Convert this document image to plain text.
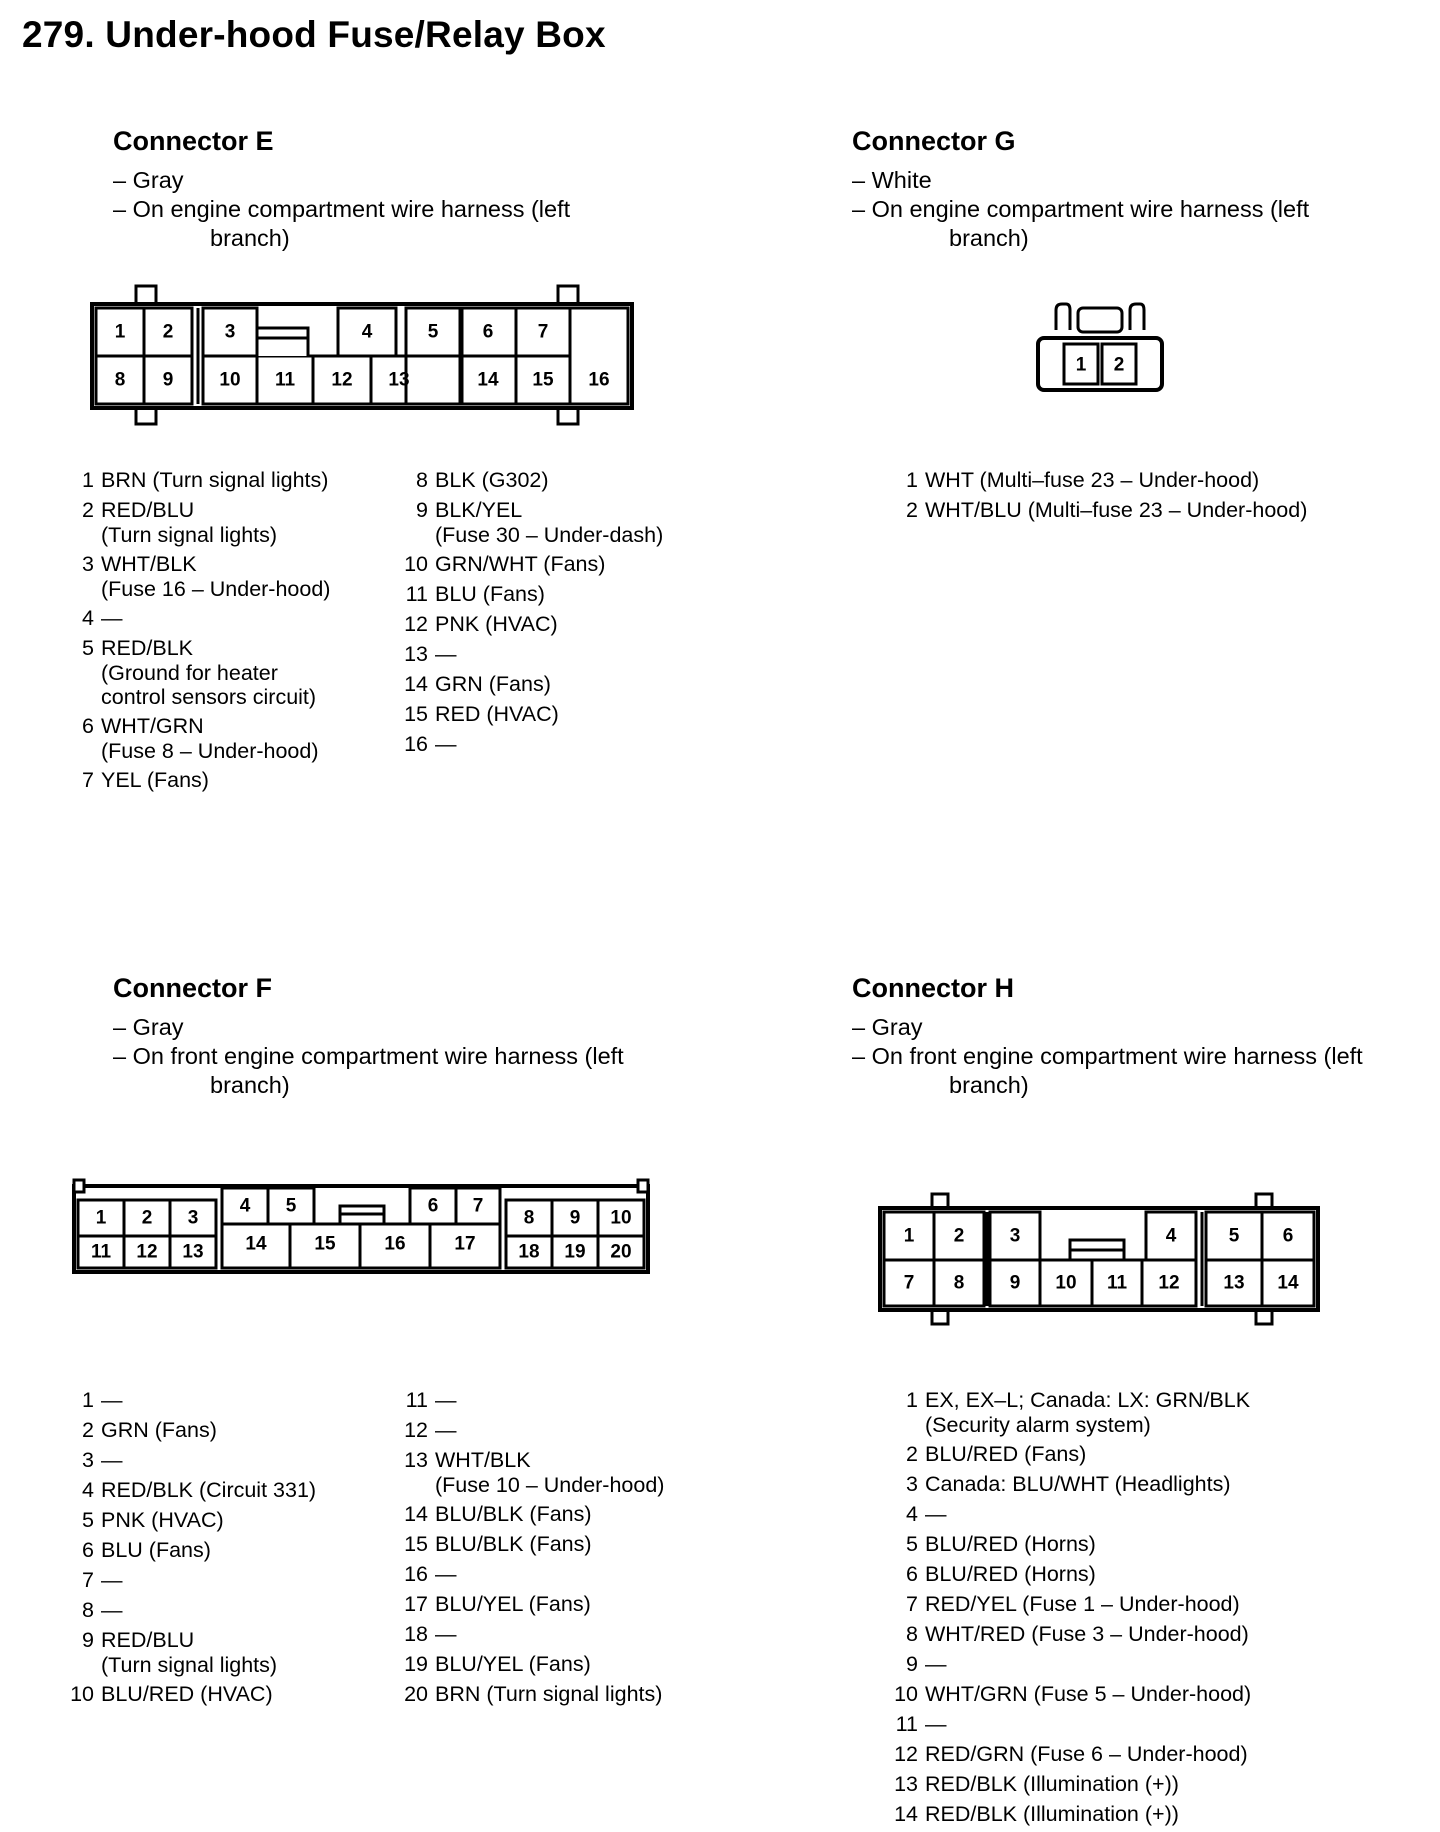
279. Under-hood Fuse/Relay Box
Connector E
– Gray
– On engine compartment wire harness (left
branch)
Connector G
– White
– On engine compartment wire harness (left
branch)
Connector F
– Gray
– On front engine compartment wire harness (left
branch)
Connector H
– Gray
– On front engine compartment wire harness (left
branch)
1 2	3	4	5 6 7
8 9 10 11 12 13	14 15 16
1 2
1 2 3
4 5	6 7
8 9 10
11 12 13 14	15	16	17 18 19 20
1 2 3	4	5 6
7 8 9 10 11 12 13 14
1 BRN (Turn signal lights)
2 RED/BLU
(Turn signal lights)
3 WHT/BLK
(Fuse 16 – Under-hood)
4 —
5 RED/BLK
(Ground for heater
control sensors circuit)
6 WHT/GRN
(Fuse 8 – Under-hood)
7 YEL (Fans)
8 BLK (G302)
9 BLK/YEL
(Fuse 30 – Under-dash)
10 GRN/WHT (Fans)
11 BLU (Fans)
12 PNK (HVAC)
13 —
14 GRN (Fans)
15 RED (HVAC)
16 —
1 WHT (Multi–fuse 23 – Under-hood)
2 WHT/BLU (Multi–fuse 23 – Under-hood)
1 —
2 GRN (Fans)
3 —
4 RED/BLK (Circuit 331)
5 PNK (HVAC)
6 BLU (Fans)
7 —
8 —
9 RED/BLU
(Turn signal lights)
10 BLU/RED (HVAC)
11 —
12 —
13 WHT/BLK
(Fuse 10 – Under-hood)
14 BLU/BLK (Fans)
15 BLU/BLK (Fans)
16 —
17 BLU/YEL (Fans)
18 —
19 BLU/YEL (Fans)
20 BRN (Turn signal lights)
1 EX, EX–L; Canada: LX: GRN/BLK
(Security alarm system)
2 BLU/RED (Fans)
3 Canada: BLU/WHT (Headlights)
4 —
5 BLU/RED (Horns)
6 BLU/RED (Horns)
7 RED/YEL (Fuse 1 – Under-hood)
8 WHT/RED (Fuse 3 – Under-hood)
9 —
10 WHT/GRN (Fuse 5 – Under-hood)
11 —
12 RED/GRN (Fuse 6 – Under-hood)
13 RED/BLK (Illumination (+))
14 RED/BLK (Illumination (+))
